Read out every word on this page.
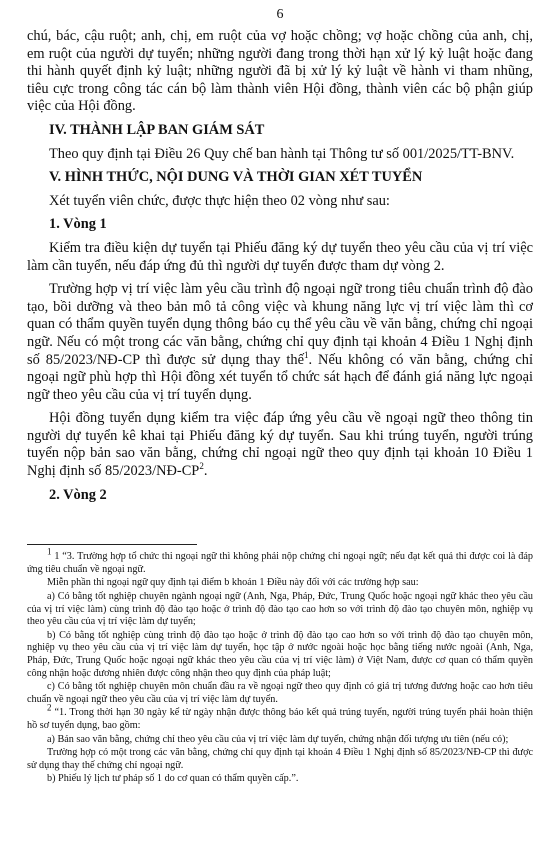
6

chú, bác, cậu ruột; anh, chị, em ruột của vợ hoặc chồng; vợ hoặc chồng của anh, chị, em ruột của người dự tuyển; những người đang trong thời hạn xử lý kỷ luật hoặc đang thi hành quyết định kỷ luật; những người đã bị xử lý kỷ luật về hành vi tham nhũng, tiêu cực trong công tác cán bộ làm thành viên Hội đồng, thành viên các bộ phận giúp việc của Hội đồng.

IV. THÀNH LẬP BAN GIÁM SÁT

Theo quy định tại Điều 26 Quy chế ban hành tại Thông tư số 001/2025/TT-BNV.

V. HÌNH THỨC, NỘI DUNG VÀ THỜI GIAN XÉT TUYỂN

Xét tuyển viên chức, được thực hiện theo 02 vòng như sau:

1. Vòng 1

Kiểm tra điều kiện dự tuyển tại Phiếu đăng ký dự tuyển theo yêu cầu của vị trí việc làm cần tuyển, nếu đáp ứng đủ thì người dự tuyển được tham dự vòng 2.

Trường hợp vị trí việc làm yêu cầu trình độ ngoại ngữ trong tiêu chuẩn trình độ đào tạo, bồi dưỡng và theo bản mô tả công việc và khung năng lực vị trí việc làm thì cơ quan có thẩm quyền tuyển dụng thông báo cụ thể yêu cầu về văn bằng, chứng chỉ ngoại ngữ. Nếu có một trong các văn bằng, chứng chỉ quy định tại khoản 4 Điều 1 Nghị định số 85/2023/NĐ-CP thì được sử dụng thay thế$^1$. Nếu không có văn bằng, chứng chỉ ngoại ngữ phù hợp thì Hội đồng xét tuyển tổ chức sát hạch để đánh giá năng lực ngoại ngữ theo yêu cầu của vị trí tuyển dụng.

Hội đồng tuyển dụng kiểm tra việc đáp ứng yêu cầu về ngoại ngữ theo thông tin người dự tuyển kê khai tại Phiếu đăng ký dự tuyển. Sau khi trúng tuyển, người trúng tuyển nộp bản sao văn bằng, chứng chỉ ngoại ngữ theo quy định tại khoản 10 Điều 1 Nghị định số $85/2023/NĐ-CP^2$.

2. Vòng 2

1 1 “3. Trường hợp tổ chức thi ngoại ngữ thì không phải nộp chứng chỉ ngoại ngữ; nếu đạt kết quả thi được coi là đáp ứng tiêu chuẩn về ngoại ngữ.

Miễn phần thi ngoại ngữ quy định tại điểm b khoản 1 Điều này đối với các trường hợp sau:

a) Có bằng tốt nghiệp chuyên ngành ngoại ngữ (Anh, Nga, Pháp, Đức, Trung Quốc hoặc ngoại ngữ khác theo yêu cầu của vị trí việc làm) cùng trình độ đào tạo hoặc ở trình độ đào tạo cao hơn so với trình độ đào tạo chuyên môn, nghiệp vụ theo yêu cầu của vị trí việc làm dự tuyển;

b) Có bằng tốt nghiệp cùng trình độ đào tạo hoặc ở trình độ đào tạo cao hơn so với trình độ đào tạo chuyên môn, nghiệp vụ theo yêu cầu của vị trí việc làm dự tuyển, học tập ở nước ngoài hoặc học bằng tiếng nước ngoài (Anh, Nga, Pháp, Đức, Trung Quốc hoặc ngoại ngữ khác theo yêu cầu của vị trí việc làm) ở Việt Nam, được cơ quan có thẩm quyền công nhận hoặc đương nhiên được công nhận theo quy định của pháp luật;

c) Có bằng tốt nghiệp chuyên môn chuẩn đầu ra về ngoại ngữ theo quy định có giá trị tương đương hoặc cao hơn tiêu chuẩn về ngoại ngữ theo yêu cầu của vị trí việc làm dự tuyển.

2 “1. Trong thời hạn 30 ngày kể từ ngày nhận được thông báo kết quả trúng tuyển, người trúng tuyển phải hoàn thiện hồ sơ tuyển dụng, bao gồm:

a) Bản sao văn bằng, chứng chỉ theo yêu cầu của vị trí việc làm dự tuyển, chứng nhận đối tượng ưu tiên (nếu có);

Trường hợp có một trong các văn bằng, chứng chỉ quy định tại khoản 4 Điều 1 Nghị định số 85/2023/NĐ-CP thì được sử dụng thay thế chứng chỉ ngoại ngữ.

b) Phiếu lý lịch tư pháp số 1 do cơ quan có thẩm quyền cấp.”.
